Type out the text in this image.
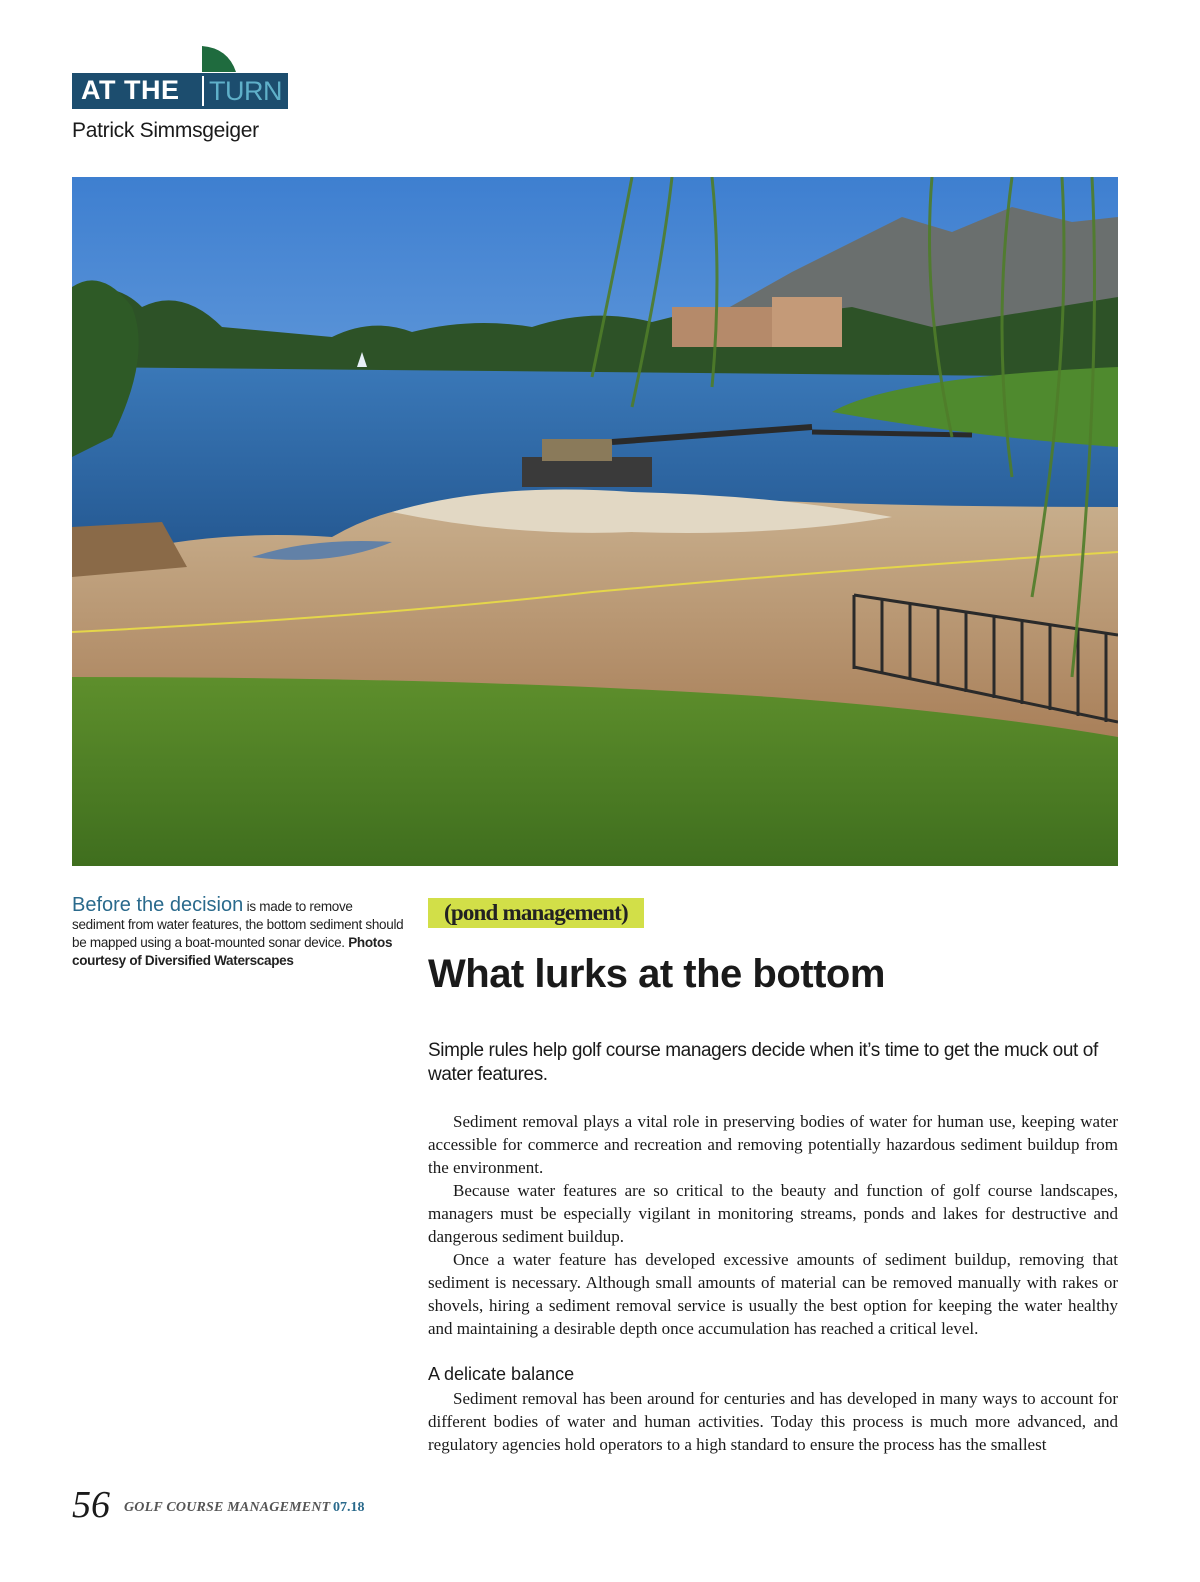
AT THE TURN
Patrick Simmsgeiger
Before the decision is made to remove sediment from water features, the bottom sediment should be mapped using a boat-mounted sonar device. Photos courtesy of Diversified Waterscapes
(pond management)
What lurks at the bottom
Simple rules help golf course managers decide when it’s time to get the muck out of water features.

Sediment removal plays a vital role in preserving bodies of water for human use, keeping water accessible for commerce and recreation and removing potentially hazardous sediment buildup from the environment.

Because water features are so critical to the beauty and function of golf course landscapes, managers must be especially vigilant in monitoring streams, ponds and lakes for destructive and dangerous sediment buildup.

Once a water feature has developed excessive amounts of sediment buildup, removing that sediment is necessary. Although small amounts of material can be removed manually with rakes or shovels, hiring a sediment removal service is usually the best option for keeping the water healthy and maintaining a desirable depth once accumulation has reached a critical level.

A delicate balance

Sediment removal has been around for centuries and has developed in many ways to account for different bodies of water and human activities. Today this process is much more advanced, and regulatory agencies hold operators to a high standard to ensure the process has the smallest

56 GOLF COURSE MANAGEMENT 07.18
